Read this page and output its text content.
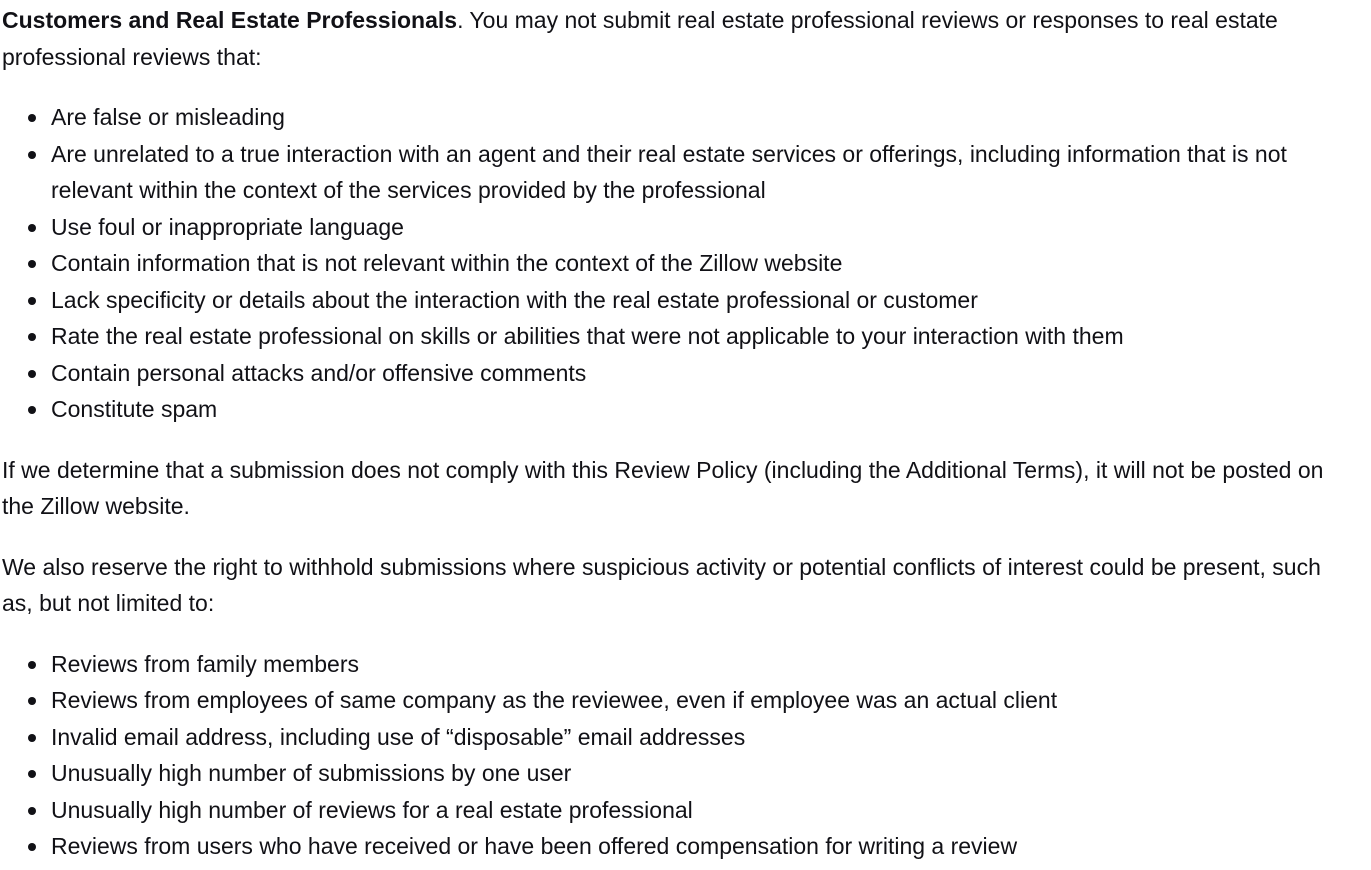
Customers and Real Estate Professionals. You may not submit real estate professional reviews or responses to real estate professional reviews that:

Are false or misleading
Are unrelated to a true interaction with an agent and their real estate services or offerings, including information that is not relevant within the context of the services provided by the professional
Use foul or inappropriate language
Contain information that is not relevant within the context of the Zillow website
Lack specificity or details about the interaction with the real estate professional or customer
Rate the real estate professional on skills or abilities that were not applicable to your interaction with them
Contain personal attacks and/or offensive comments
Constitute spam

If we determine that a submission does not comply with this Review Policy (including the Additional Terms), it will not be posted on the Zillow website.

We also reserve the right to withhold submissions where suspicious activity or potential conflicts of interest could be present, such as, but not limited to:

Reviews from family members
Reviews from employees of same company as the reviewee, even if employee was an actual client
Invalid email address, including use of “disposable” email addresses
Unusually high number of submissions by one user
Unusually high number of reviews for a real estate professional
Reviews from users who have received or have been offered compensation for writing a review
